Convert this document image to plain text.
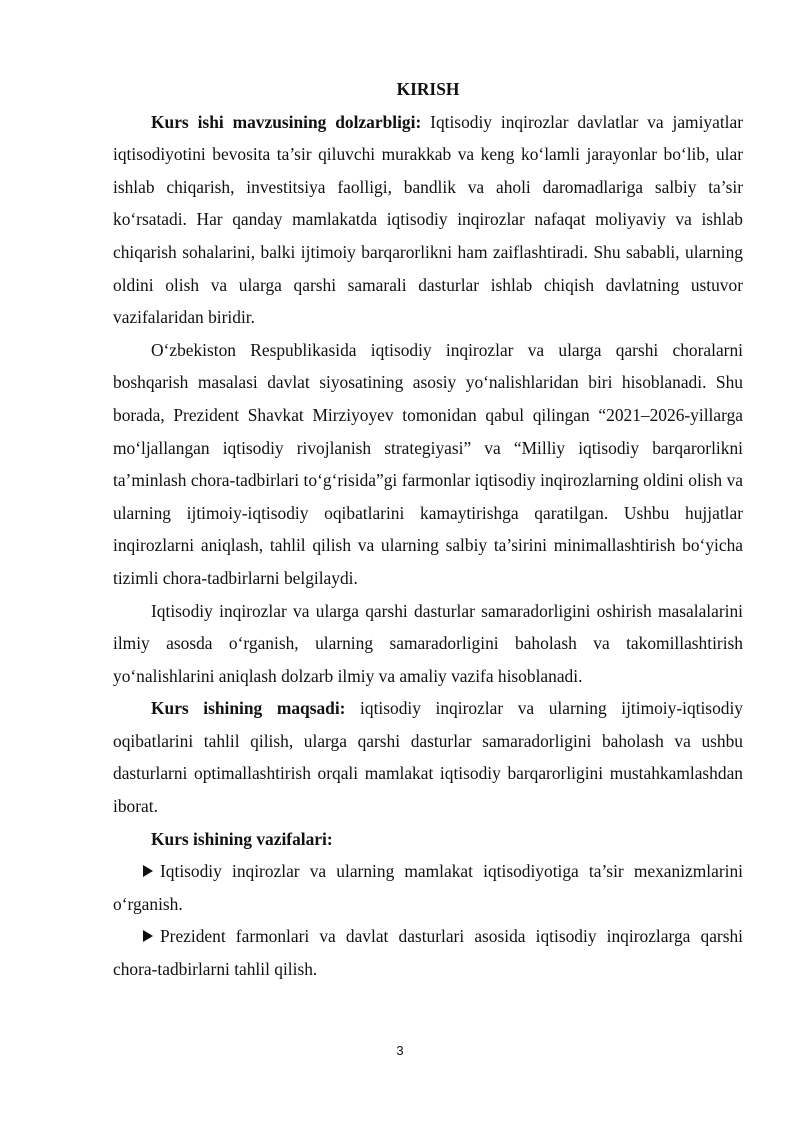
KIRISH

Kurs ishi mavzusining dolzarbligi: Iqtisodiy inqirozlar davlatlar va jamiyatlar iqtisodiyotini bevosita ta’sir qiluvchi murakkab va keng ko‘lamli jarayonlar bo‘lib, ular ishlab chiqarish, investitsiya faolligi, bandlik va aholi daromadlariga salbiy ta’sir ko‘rsatadi. Har qanday mamlakatda iqtisodiy inqirozlar nafaqat moliyaviy va ishlab chiqarish sohalarini, balki ijtimoiy barqarorlikni ham zaiflashtiradi. Shu sababli, ularning oldini olish va ularga qarshi samarali dasturlar ishlab chiqish davlatning ustuvor vazifalaridan biridir.

O‘zbekiston Respublikasida iqtisodiy inqirozlar va ularga qarshi choralarni boshqarish masalasi davlat siyosatining asosiy yo‘nalishlaridan biri hisoblanadi. Shu borada, Prezident Shavkat Mirziyoyev tomonidan qabul qilingan “2021–2026-yillarga mo‘ljallangan iqtisodiy rivojlanish strategiyasi” va “Milliy iqtisodiy barqarorlikni ta’minlash chora-tadbirlari to‘g‘risida”gi farmonlar iqtisodiy inqirozlarning oldini olish va ularning ijtimoiy-iqtisodiy oqibatlarini kamaytirishga qaratilgan. Ushbu hujjatlar inqirozlarni aniqlash, tahlil qilish va ularning salbiy ta’sirini minimallashtirish bo‘yicha tizimli chora-tadbirlarni belgilaydi.

Iqtisodiy inqirozlar va ularga qarshi dasturlar samaradorligini oshirish masalalarini ilmiy asosda o‘rganish, ularning samaradorligini baholash va takomillashtirish yo‘nalishlarini aniqlash dolzarb ilmiy va amaliy vazifa hisoblanadi.

Kurs ishining maqsadi: iqtisodiy inqirozlar va ularning ijtimoiy-iqtisodiy oqibatlarini tahlil qilish, ularga qarshi dasturlar samaradorligini baholash va ushbu dasturlarni optimallashtirish orqali mamlakat iqtisodiy barqarorligini mustahkamlashdan iborat.

Kurs ishining vazifalari:

Iqtisodiy inqirozlar va ularning mamlakat iqtisodiyotiga ta’sir mexanizmlarini o‘rganish.

Prezident farmonlari va davlat dasturlari asosida iqtisodiy inqirozlarga qarshi chora-tadbirlarni tahlil qilish.

3
